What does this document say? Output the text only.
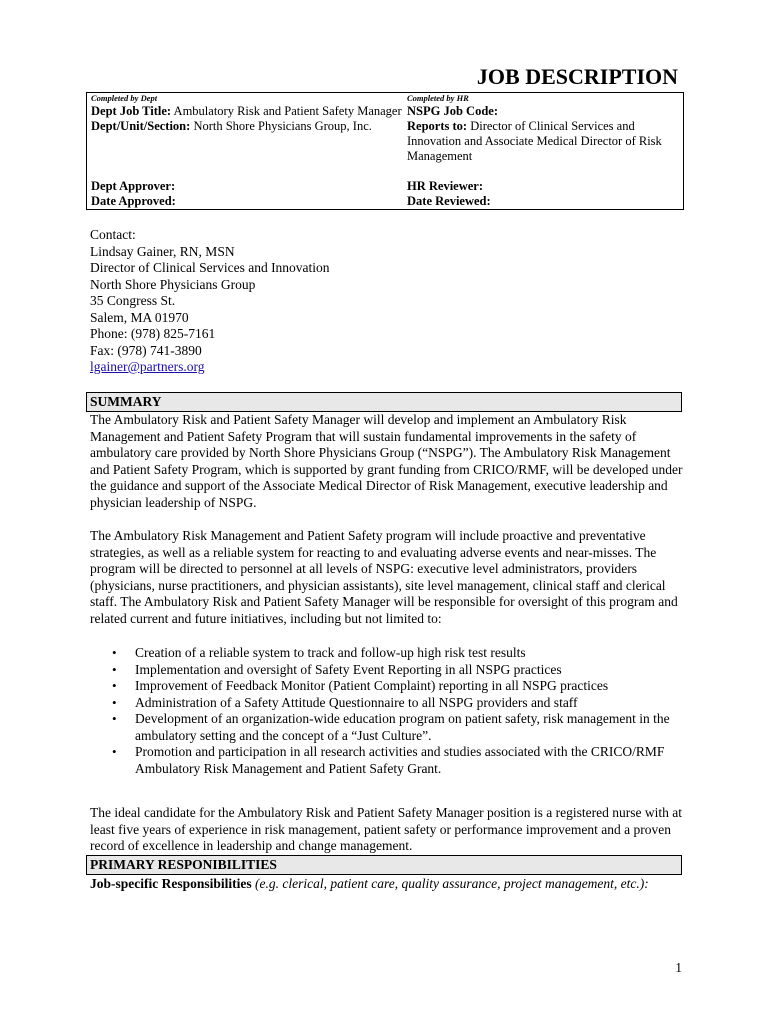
JOB DESCRIPTION
Completed by Dept
Dept Job Title: Ambulatory Risk and Patient Safety Manager
Dept/Unit/Section: North Shore Physicians Group, Inc.
Dept Approver:
Date Approved:
Completed by HR
NSPG Job Code:
Reports to: Director of Clinical Services and Innovation and Associate Medical Director of Risk Management
HR Reviewer:
Date Reviewed:
Contact:
Lindsay Gainer, RN, MSN
Director of Clinical Services and Innovation
North Shore Physicians Group
35 Congress St.
Salem, MA 01970
Phone: (978) 825-7161
Fax: (978) 741-3890
lgainer@partners.org
SUMMARY
The Ambulatory Risk and Patient Safety Manager will develop and implement an Ambulatory Risk Management and Patient Safety Program that will sustain fundamental improvements in the safety of ambulatory care provided by North Shore Physicians Group (“NSPG”). The Ambulatory Risk Management and Patient Safety Program, which is supported by grant funding from CRICO/RMF, will be developed under the guidance and support of the Associate Medical Director of Risk Management, executive leadership and physician leadership of NSPG.
The Ambulatory Risk Management and Patient Safety program will include proactive and preventative strategies, as well as a reliable system for reacting to and evaluating adverse events and near-misses. The program will be directed to personnel at all levels of NSPG: executive level administrators, providers (physicians, nurse practitioners, and physician assistants), site level management, clinical staff and clerical staff. The Ambulatory Risk and Patient Safety Manager will be responsible for oversight of this program and related current and future initiatives, including but not limited to:
• Creation of a reliable system to track and follow-up high risk test results
• Implementation and oversight of Safety Event Reporting in all NSPG practices
• Improvement of Feedback Monitor (Patient Complaint) reporting in all NSPG practices
• Administration of a Safety Attitude Questionnaire to all NSPG providers and staff
• Development of an organization-wide education program on patient safety, risk management in the ambulatory setting and the concept of a “Just Culture”.
• Promotion and participation in all research activities and studies associated with the CRICO/RMF Ambulatory Risk Management and Patient Safety Grant.
The ideal candidate for the Ambulatory Risk and Patient Safety Manager position is a registered nurse with at least five years of experience in risk management, patient safety or performance improvement and a proven record of excellence in leadership and change management.
PRIMARY RESPONIBILITIES
Job-specific Responsibilities (e.g. clerical, patient care, quality assurance, project management, etc.):
1
